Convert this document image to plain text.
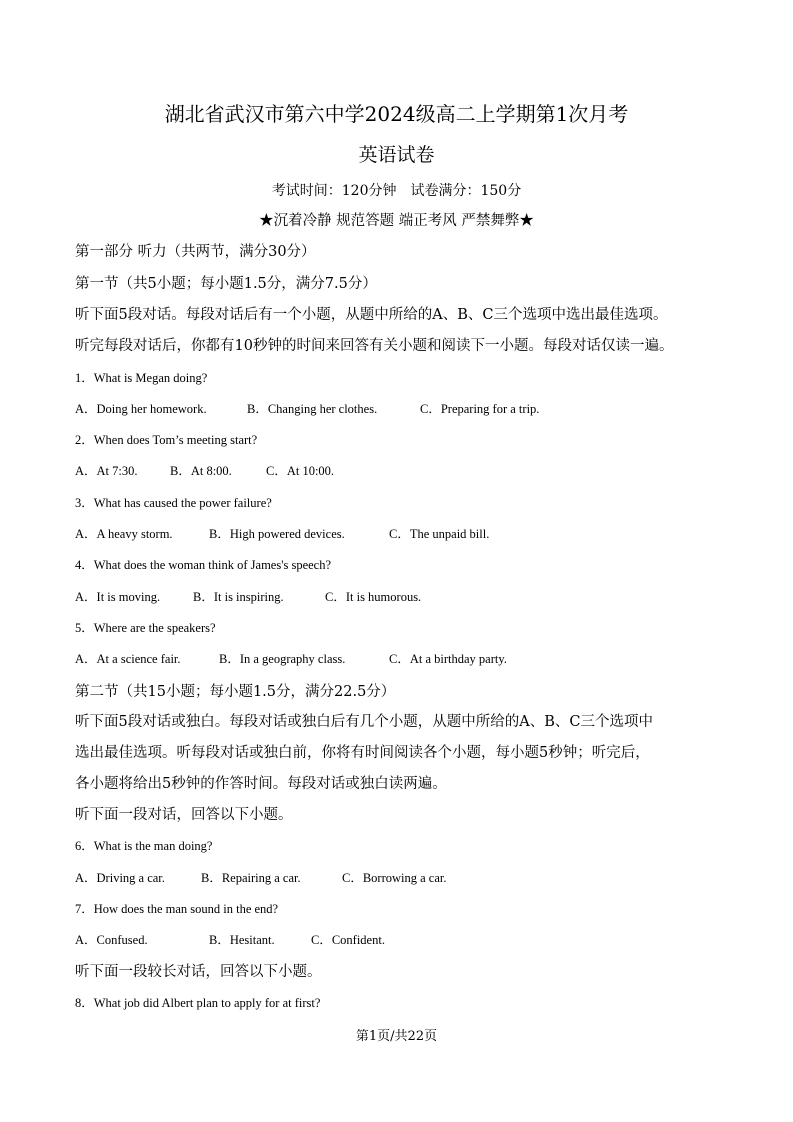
湖北省武汉市第六中学2024级高二上学期第1次月考
英语试卷
考试时间：120分钟　试卷满分：150分
★沉着冷静 规范答题 端正考风 严禁舞弊★
第一部分 听力（共两节，满分30分）
第一节（共5小题；每小题1.5分，满分7.5分）
听下面5段对话。每段对话后有一个小题，从题中所给的A、B、C三个选项中选出最佳选项。
听完每段对话后，你都有10秒钟的时间来回答有关小题和阅读下一小题。每段对话仅读一遍。
1．What is Megan doing?
A．Doing her homework.	B．Changing her clothes.	C．Preparing for a trip.
2．When does Tom’s meeting start?
A．At 7:30.	B．At 8:00.	C．At 10:00.
3．What has caused the power failure?
A．A heavy storm.	B．High powered devices.	C．The unpaid bill.
4．What does the woman think of James's speech?
A．It is moving.	B．It is inspiring.	C．It is humorous.
5．Where are the speakers?
A．At a science fair.	B．In a geography class.	C．At a birthday party.
第二节（共15小题；每小题1.5分，满分22.5分）
听下面5段对话或独白。每段对话或独白后有几个小题，从题中所给的A、B、C三个选项中
选出最佳选项。听每段对话或独白前，你将有时间阅读各个小题，每小题5秒钟；听完后，
各小题将给出5秒钟的作答时间。每段对话或独白读两遍。
听下面一段对话，回答以下小题。
6．What is the man doing?
A．Driving a car.	B．Repairing a car.	C．Borrowing a car.
7．How does the man sound in the end?
A．Confused.	B．Hesitant.	C．Confident.
听下面一段较长对话，回答以下小题。
8．What job did Albert plan to apply for at first?
第1页/共22页
